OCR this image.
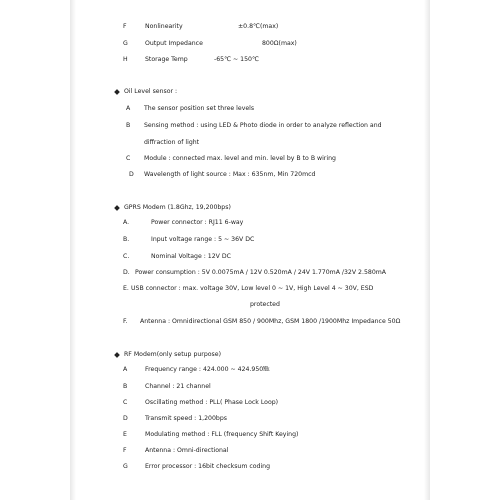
F	Nonlinearity	±0.8℃(max)
G	Output Impedance	800Ω(max)
H	Storage Temp	-65℃ ~ 150℃
Oil Level sensor :
A The sensor position set three levels
B Sensing method : using LED & Photo diode in order to analyze reflection and
diffraction of light
C Module : connected max. level and min. level by B to B wiring
D Wavelength of light source : Max : 635nm, Min 720mcd
GPRS Modem (1.8Ghz, 19,200bps)
A.	Power connector : RJ11 6-way
B.	Input voltage range : 5 ~ 36V DC
C.	Nominal Voltage : 12V DC
D. Power consumption : 5V 0.0075mA / 12V 0.520mA / 24V 1.770mA /32V 2.580mA
E. USB connector : max. voltage 30V, Low level 0 ~ 1V, High Level 4 ~ 30V, ESD
protected
F. Antenna : Omnidirectional GSM 850 / 900Mhz, GSM 1800 /1900Mhz Impedance 50Ω
RF Modem(only setup purpose)
A	Frequency range : 424.000 ~ 424.950㎒
B	Channel : 21 channel
C	Oscillating method : PLL( Phase Lock Loop)
D	Transmit speed : 1,200bps
E	Modulating method : FLL (frequency Shift Keying)
F	Antenna : Omni-directional
G	Error processor : 16bit checksum coding
